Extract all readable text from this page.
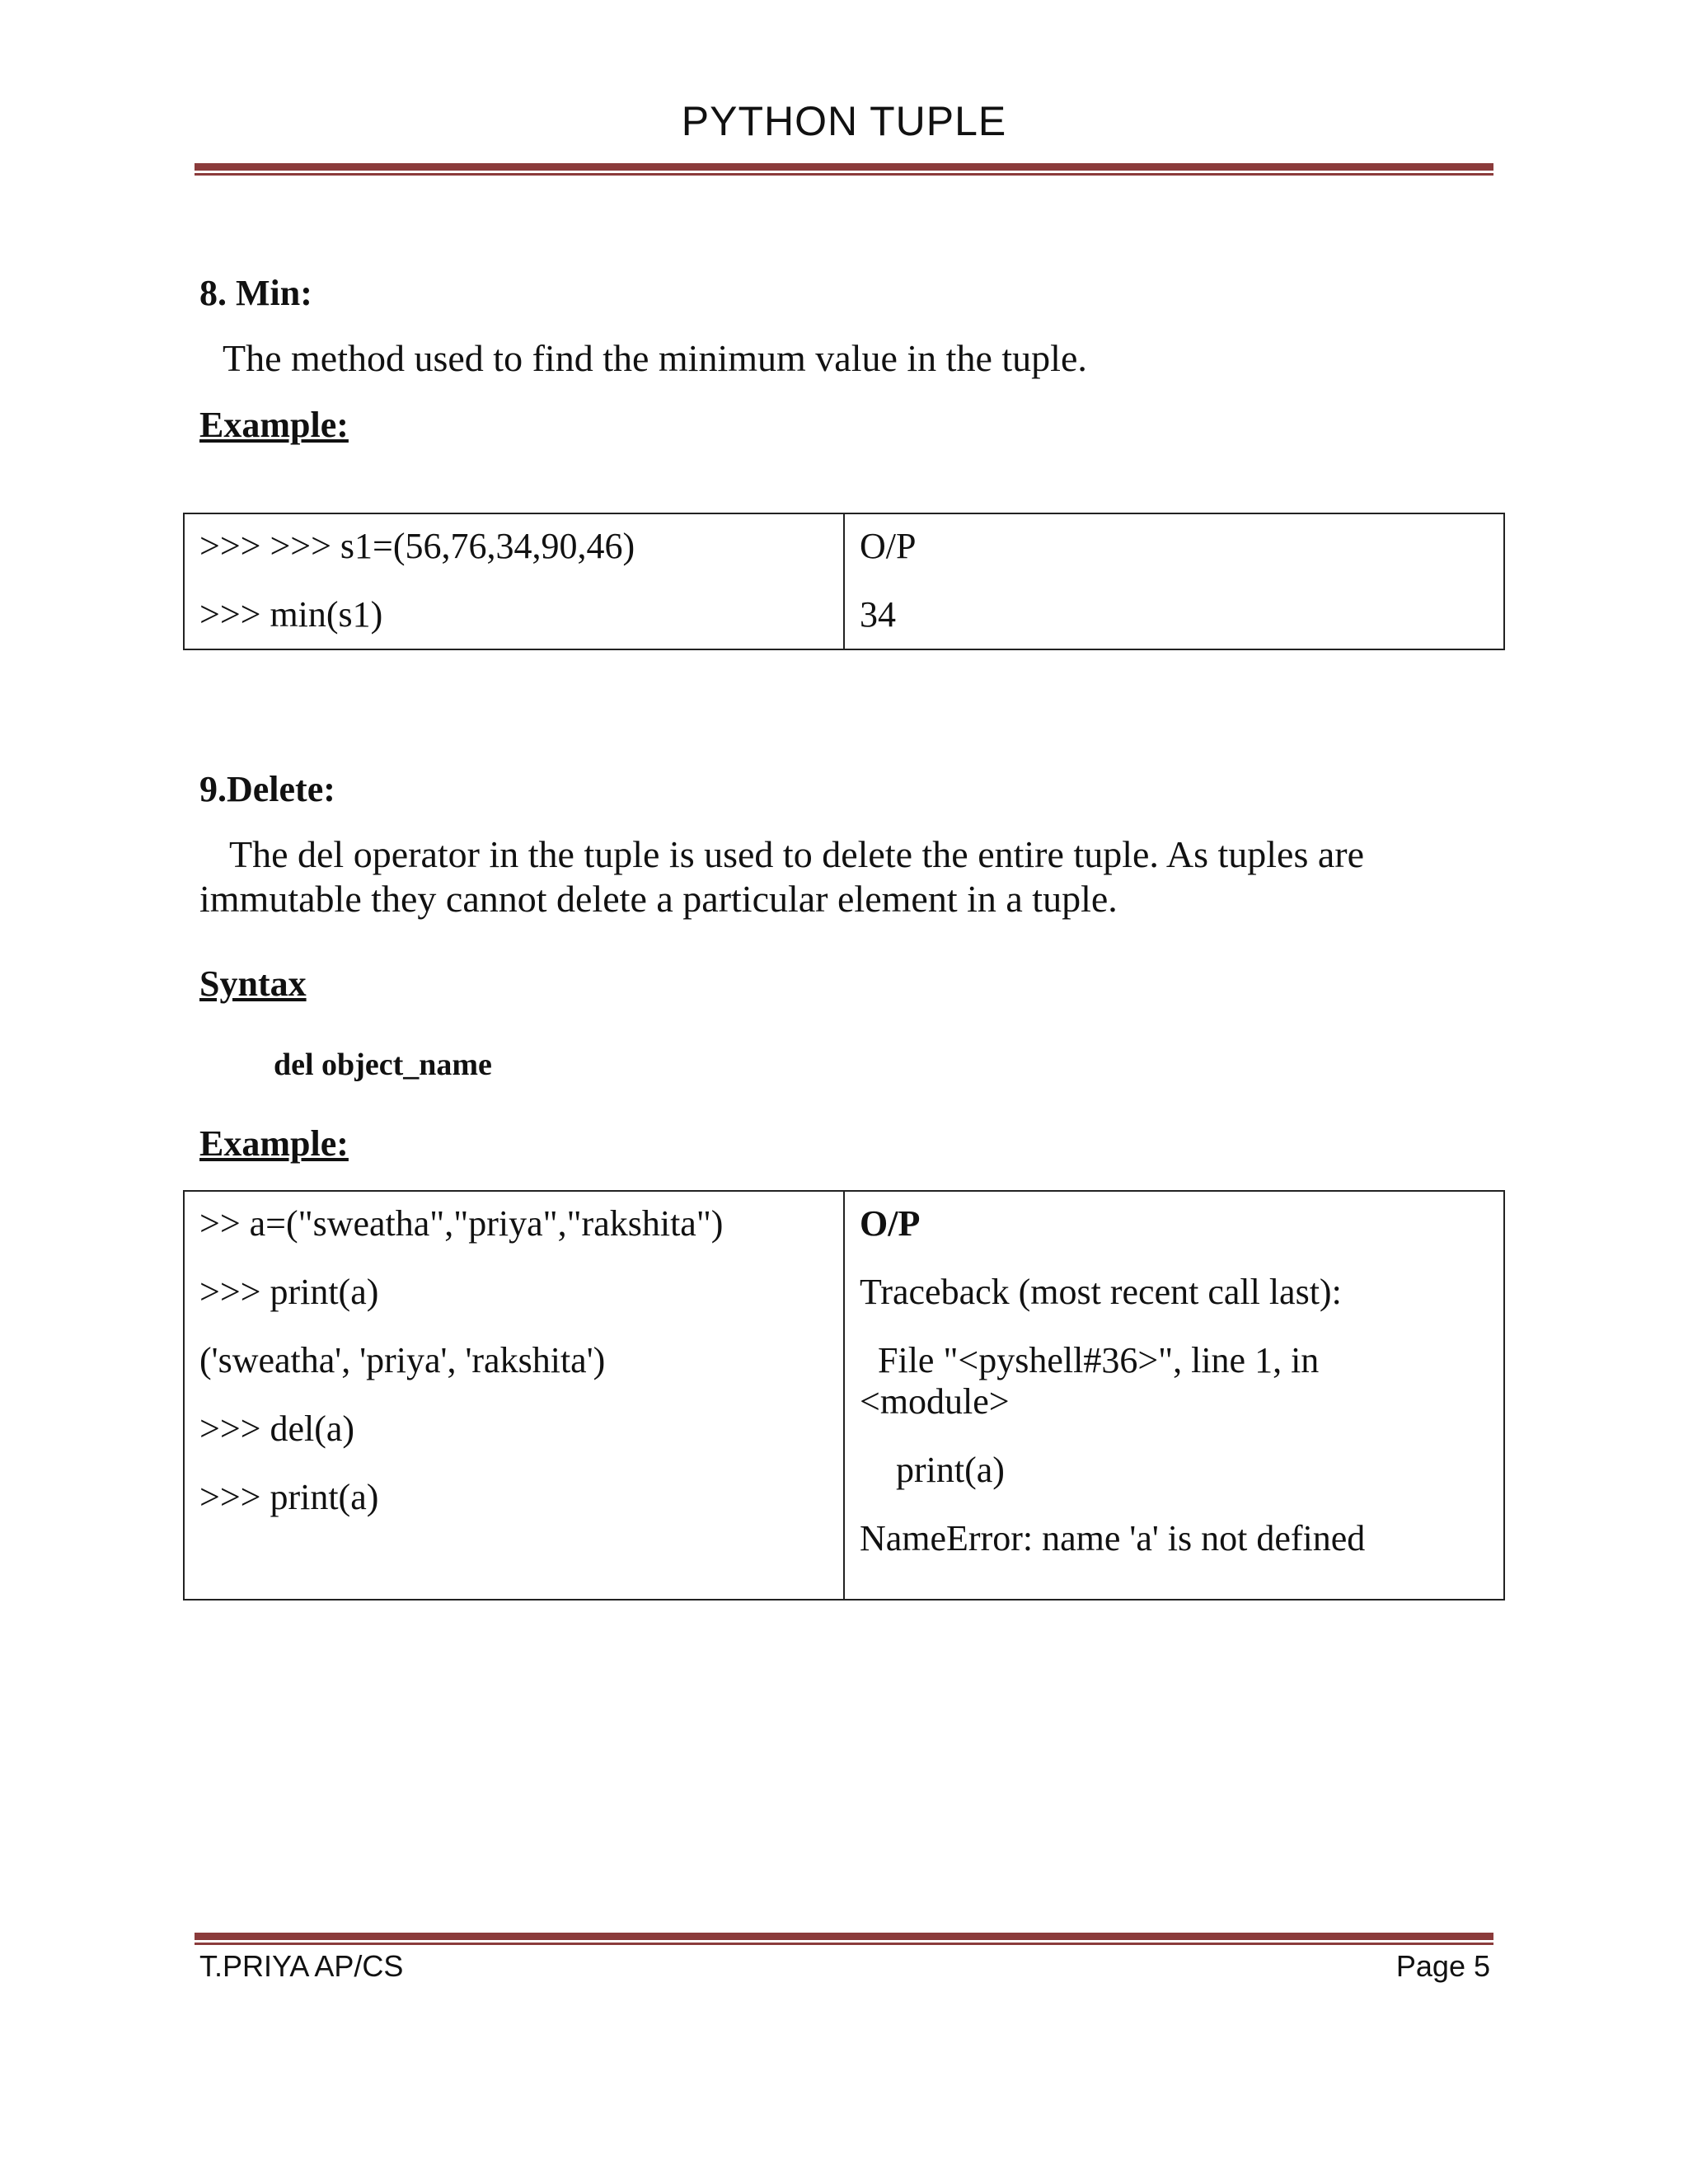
PYTHON TUPLE
8. Min:
The method used to find the minimum value in the tuple.
Example:
>>> >>> s1=(56,76,34,90,46)
>>> min(s1)

O/P
34
9.Delete:
The del operator in the tuple is used to delete the entire tuple. As tuples are
immutable they cannot delete a particular element in a tuple.
Syntax
del object_name
Example:
>> a=("sweatha","priya","rakshita")
>>> print(a)
('sweatha', 'priya', 'rakshita')
>>> del(a)
>>> print(a)

O/P
Traceback (most recent call last):
File "<pyshell#36>", line 1, in
<module>
print(a)
NameError: name 'a' is not defined
T.PRIYA AP/CS	Page 5
